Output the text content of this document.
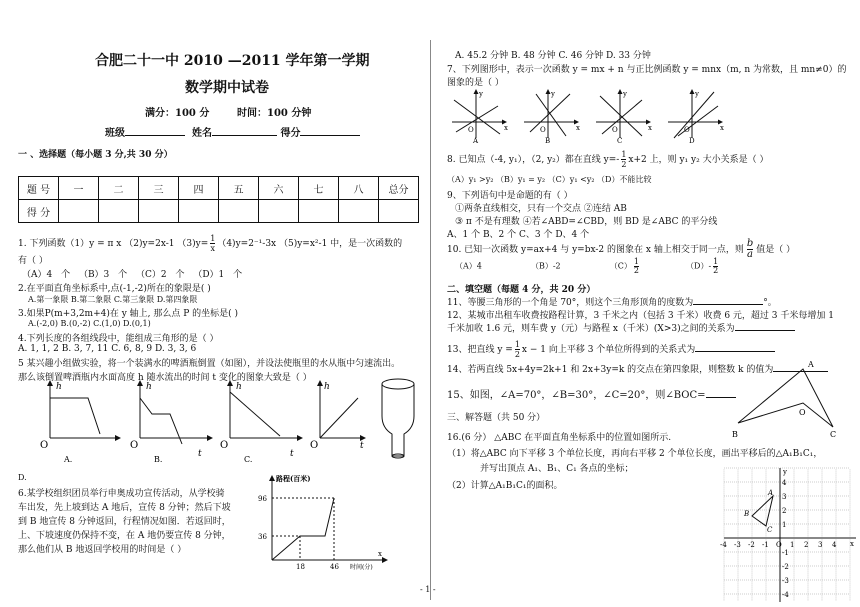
合肥二十一中 2010 —2011 学年第一学期
数学期中试卷
满分：100 分	时间：100 分钟
班级	姓名	得分
一 、选择题（每小题 3 分,共 30 分）
题 号	一	二	三	四	五	六	七	八	总分
得 分									
1. 下列函数（1）y = π x （2)y=2x-1 $(3)y= \frac{1}{x} (4)y=2^{-1}-3x$ （5)y=x²-1 中，是一次函数的
有（ ）
（A）4 个 （B）3 个 （C）2 个 （D）1 个
2.在平面直角坐标系中,点(-1,-2)所在的象限是( )
A.第一象限 B.第二象限 C.第三象限 D.第四象限
3.如果P(m+3,2m+4)在 y 轴上, 那么点 P 的坐标是( )
A.(-2,0) B.(0,-2) C.(1,0) D.(0,1)
4.下列长度的各组线段中，能组成三角形的是（ ）
A. 1, 1, 2 B. 3, 7, 11 C. 6, 8, 9 D. 3, 3, 6
5 某兴趣小组做实验，将一个装满水的啤酒瓶倒置（如图），并设法使瓶里的水从瓶中匀速流出。
那么该倒置啤酒瓶内水面高度 h 随水流出的时间 t 变化的图象大致是（ ）
h
O
A.
h
O
t
B.
h
O
t
C.
h
O	t
D.
6.某学校组织团员举行申奥成功宣传活动，从学校骑
车出发，先上坡到达 A 地后，宣传 8 分钟；然后下坡
到 B 地宣传 8 分钟返回，行程情况如图．若返回时，
上、下坡速度仍保持不变，在 A 地仍要宣传 8 分钟，
那么他们从 B 地返回学校用的时间是（ ）
路程(百米)
x
96
36
18	46 时间(分)
A. 45.2 分钟 B. 48 分钟 C. 46 分钟 D. 33 分钟
7、下列图形中，表示一次函数 y = mx + n 与正比例函数 y = mnx（m, n 为常数，且 mn≠0）的
图象的是（ ）
y
O	x
A
y
O	x
B
y
O	x
C
y
O	x
D
8. 已知点（-4, y₁），（2, y₂）都在直线 $y=- \frac{1}{2} x+2$ 上，则 y₁ y₂ 大小关系是（ ）
（A）y₁ >y₂ （B）y₁ = y₂ （C）y₁ <y₂ （D）不能比较
9、下列语句中是命题的有（ ）
①两条直线相交，只有一个交点 ②连结 AB
③ π 不是有理数 ④若∠ABD=∠CBD，则 BD 是∠ABC 的平分线
A、1 个 B、2 个 C、3 个 D、4 个
10. 已知一次函数 y=ax+4 与 y=bx-2 的图象在 x 轴上相交于同一点，则 $\frac{b}{a}$ 值是（ ）
（A）4	（B）-2	$(C) \frac{1}{2}$	$(D)- \frac{1}{2}$
二、填空题（每题 4 分，共 20 分）
11、等腰三角形的一个角是 70°，则这个三角形顶角的度数为	°。
12、某城市出租车收费按路程计算，3 千米之内（包括 3 千米）收费 6 元，超过 3 千米每增加 1
千米加收 1.6 元，则车费 y（元）与路程 x（千米）(X>3)之间的关系为
13、把直线 $y = \frac{1}{2}$ x − 1 向上平移 3 个单位所得到的关系式为
14、若两直线 5x+4y=2k+1 和 2x+3y=k 的交点在第四象限，则整数 k 的值为
15、如图，∠A=70°，∠B=30°，∠C=20°，则∠BOC=
A
B	C
O
三、解答题（共 50 分）
16.(6 分） △ABC 在平面直角坐标系中的位置如图所示.
（1）将△ABC 向下平移 3 个单位长度，再向右平移 2 个单位长度，画出平移后的△A₁B₁C₁，
并写出顶点 A₁、B₁、C₁ 各点的坐标；
（2）计算△A₁B₁C₁的面积。
x
y
-4 -3 -2 -1 O 1 2 3 4
4
3
2
1
-1
-2
-3
-4
A
B
C
- 1 -
